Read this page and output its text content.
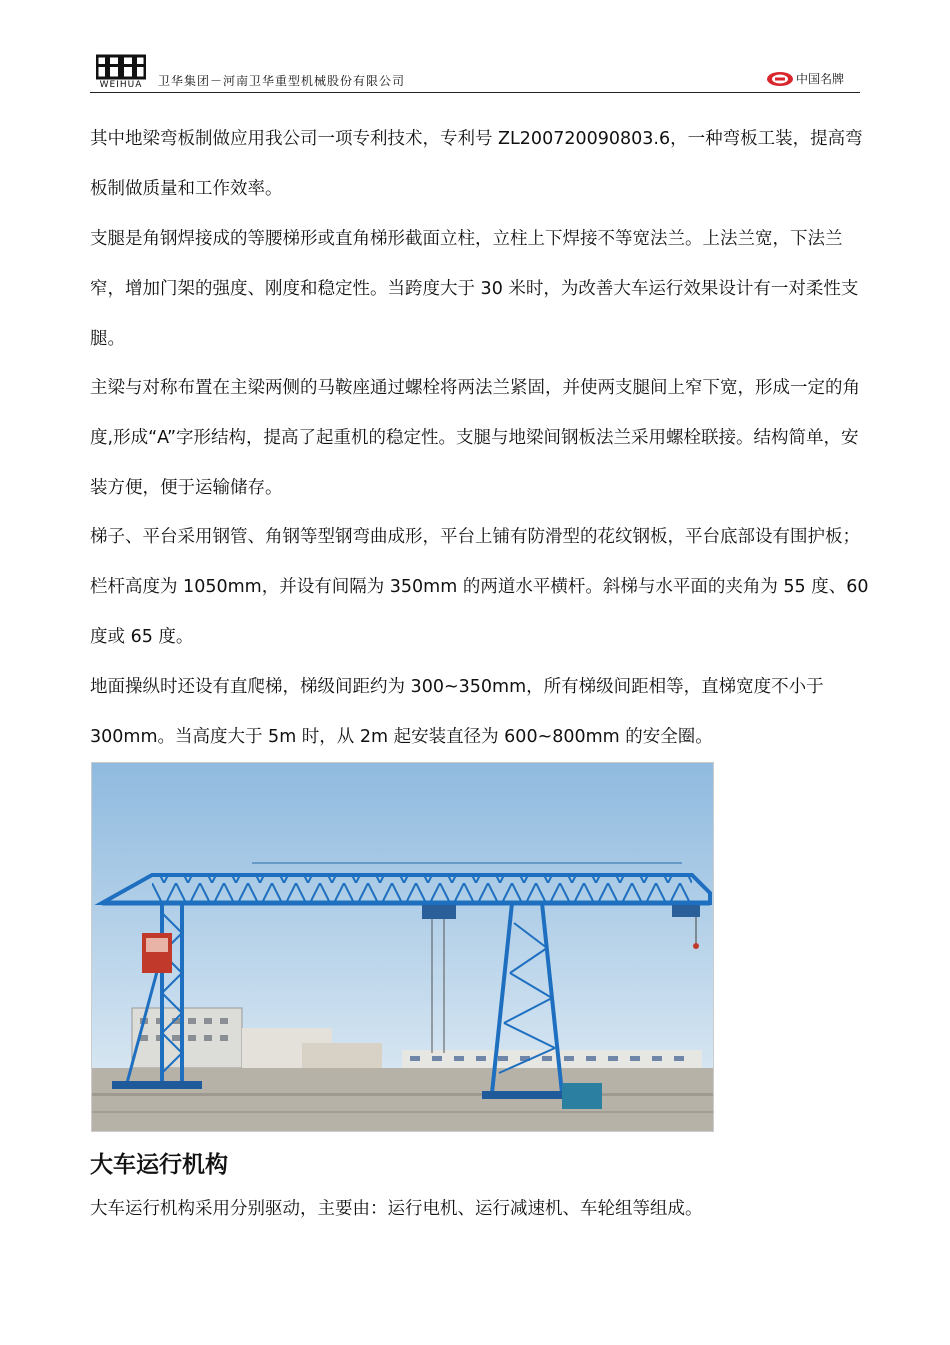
WEIHUA	卫华集团－河南卫华重型机械股份有限公司	中国名牌
其中地梁弯板制做应用我公司一项专利技术，专利号 ZL200720090803.6，一种弯板工装，提高弯板制做质量和工作效率。
支腿是角钢焊接成的等腰梯形或直角梯形截面立柱，立柱上下焊接不等宽法兰。上法兰宽，下法兰窄，增加门架的强度、刚度和稳定性。当跨度大于 30 米时，为改善大车运行效果设计有一对柔性支腿。
主梁与对称布置在主梁两侧的马鞍座通过螺栓将两法兰紧固，并使两支腿间上窄下宽，形成一定的角度,形成“A”字形结构，提高了起重机的稳定性。支腿与地梁间钢板法兰采用螺栓联接。结构简单，安装方便，便于运输储存。
梯子、平台采用钢管、角钢等型钢弯曲成形，平台上铺有防滑型的花纹钢板，平台底部设有围护板；栏杆高度为 1050mm，并设有间隔为 350mm 的两道水平横杆。斜梯与水平面的夹角为 55 度、60 度或 65 度。
地面操纵时还设有直爬梯，梯级间距约为 300~350mm，所有梯级间距相等，直梯宽度不小于 300mm。当高度大于 5m 时，从 2m 起安装直径为 600~800mm 的安全圈。
大车运行机构
大车运行机构采用分别驱动，主要由：运行电机、运行减速机、车轮组等组成。
